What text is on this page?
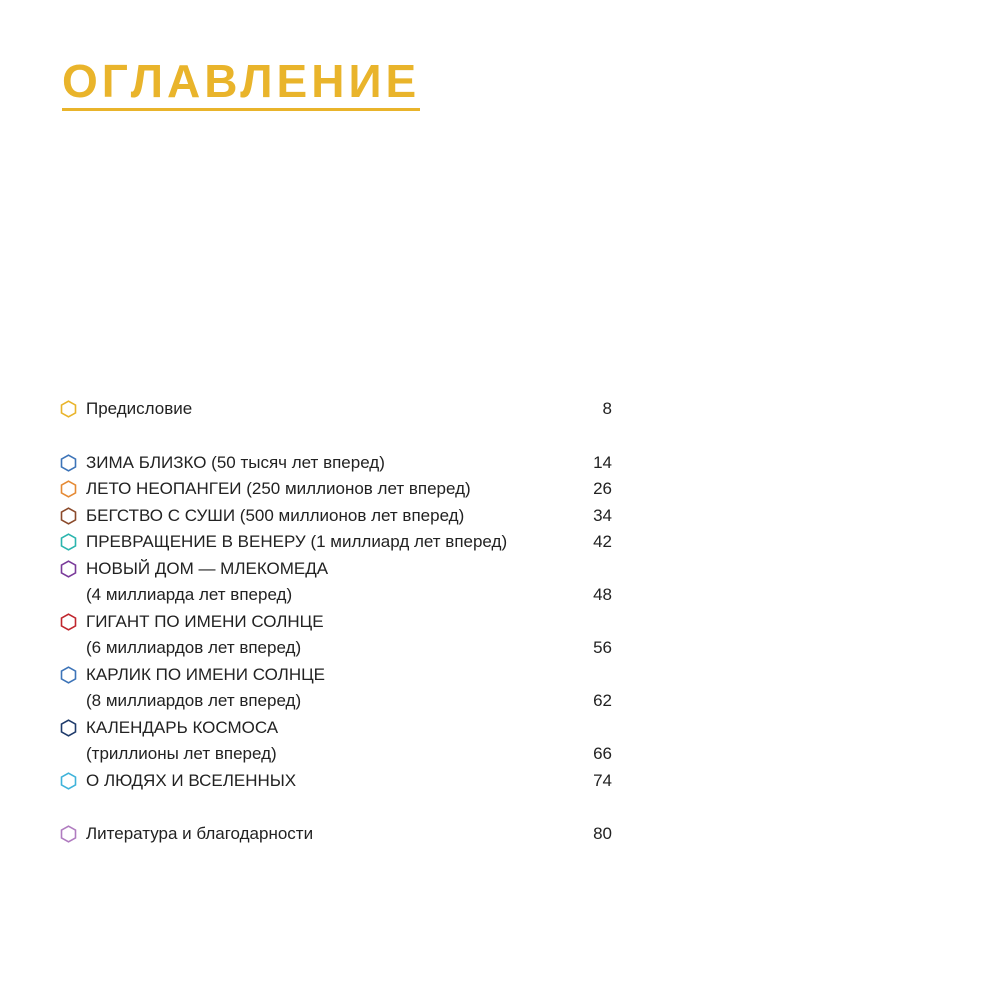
ОГЛАВЛЕНИЕ
Предисловие	8
ЗИМА БЛИЗКО (50 тысяч лет вперед)	14
ЛЕТО НЕОПАНГЕИ (250 миллионов лет вперед)	26
БЕГСТВО С СУШИ (500 миллионов лет вперед)	34
ПРЕВРАЩЕНИЕ В ВЕНЕРУ (1 миллиард лет вперед)	42
НОВЫЙ ДОМ — МЛЕКОМЕДА
(4 миллиарда лет вперед)	48
ГИГАНТ ПО ИМЕНИ СОЛНЦЕ
(6 миллиардов лет вперед)	56
КАРЛИК ПО ИМЕНИ СОЛНЦЕ
(8 миллиардов лет вперед)	62
КАЛЕНДАРЬ КОСМОСА
(триллионы лет вперед)	66
О ЛЮДЯХ И ВСЕЛЕННЫХ	74
Литература и благодарности	80
